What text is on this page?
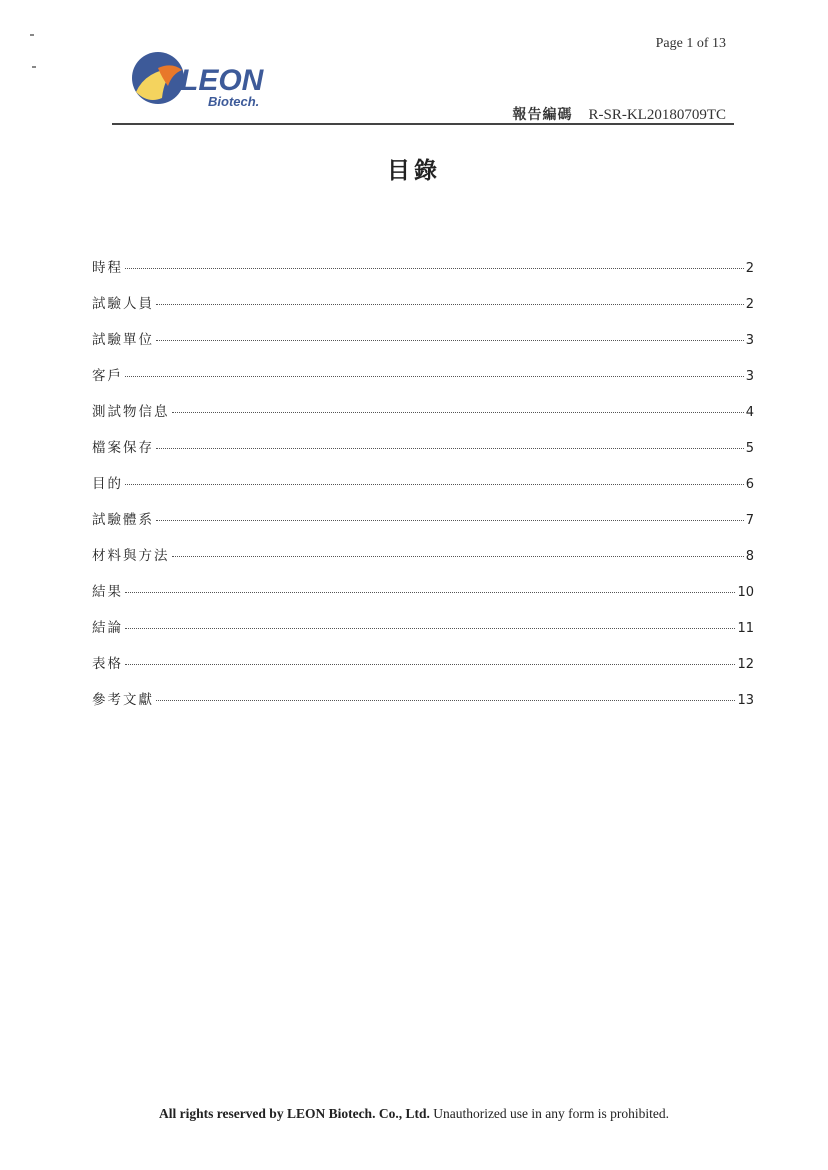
Page 1 of 13
LEON
Biotech.
報告編碼 R-SR-KL20180709TC
目錄
時程	2
試驗人員	2
試驗單位	3
客戶	3
測試物信息	4
檔案保存	5
目的	6
試驗體系	7
材料與方法	8
結果	10
結論	11
表格	12
參考文獻	13
All rights reserved by LEON Biotech. Co., Ltd. Unauthorized use in any form is prohibited.
